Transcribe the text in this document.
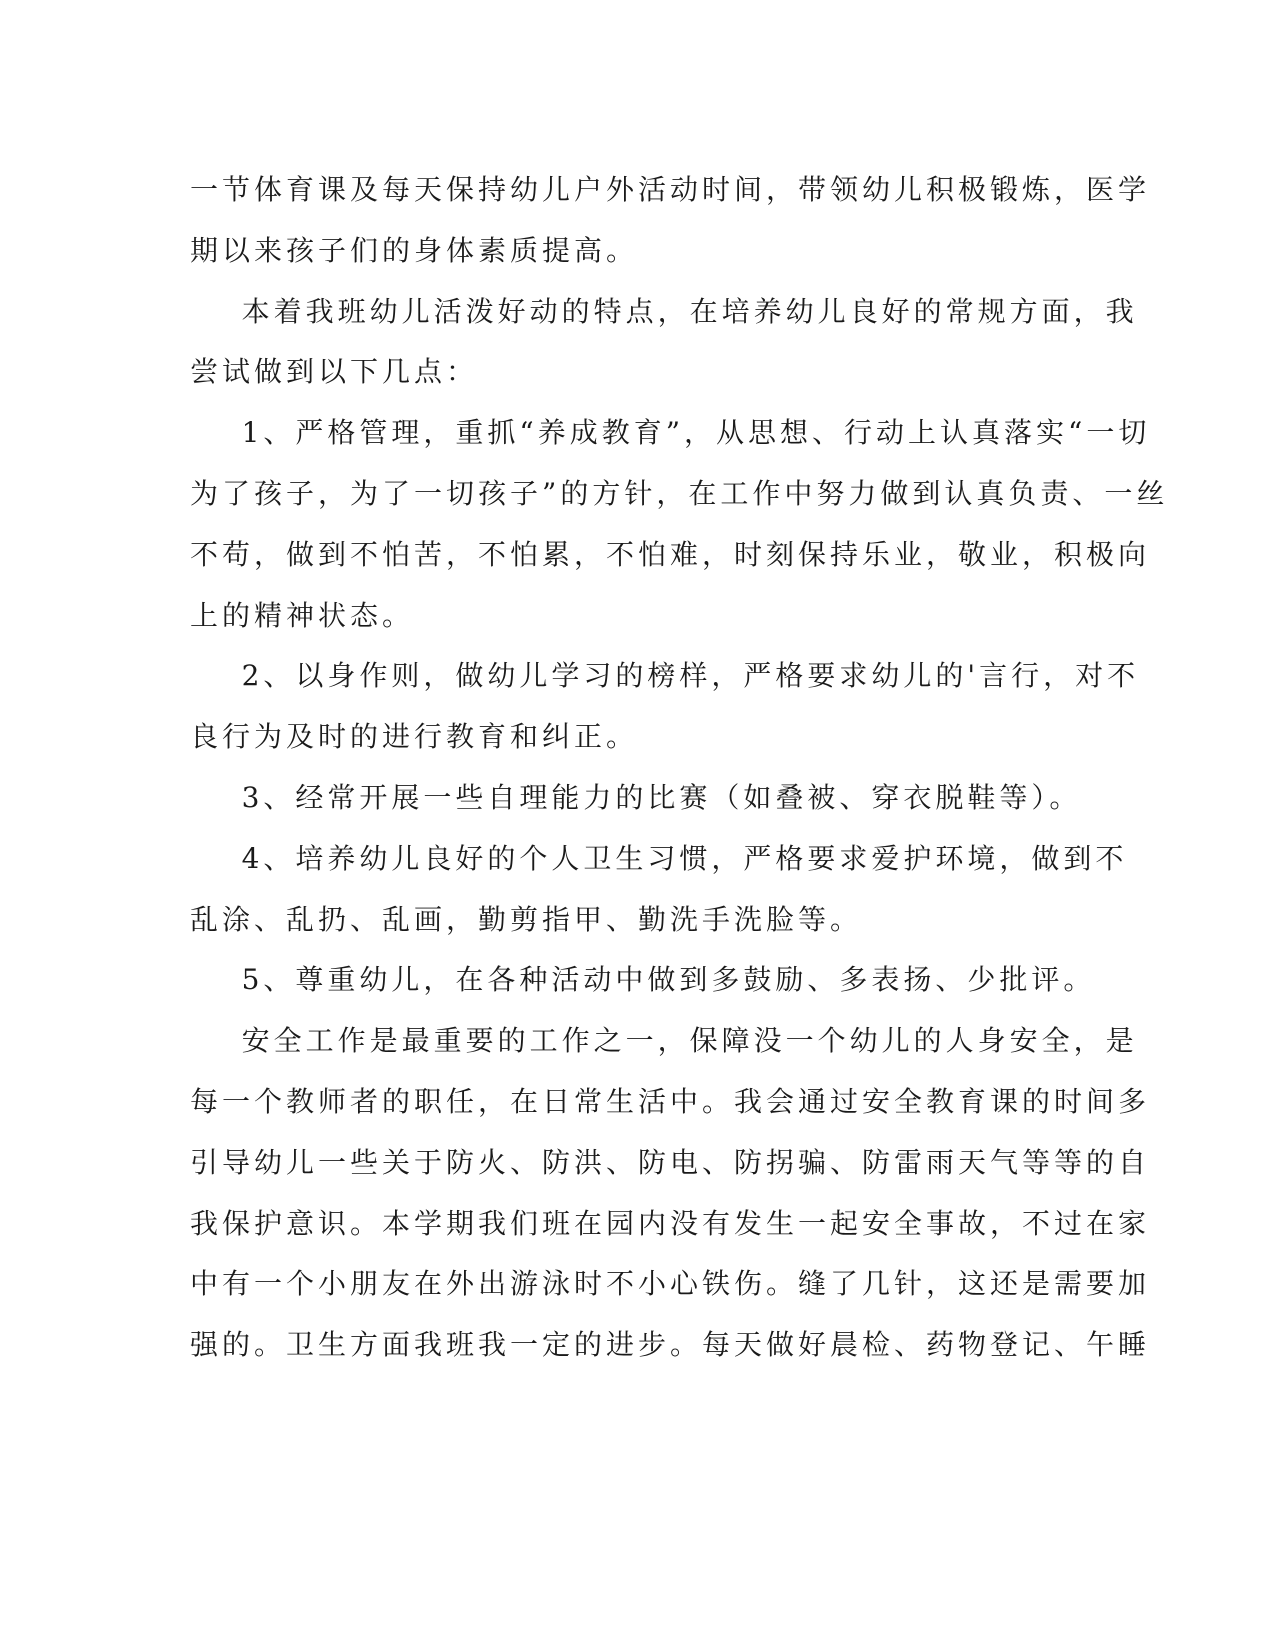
一节体育课及每天保持幼儿户外活动时间，带领幼儿积极锻炼，医学
期以来孩子们的身体素质提高。
本着我班幼儿活泼好动的特点，在培养幼儿良好的常规方面，我
尝试做到以下几点：
1、严格管理，重抓“养成教育”，从思想、行动上认真落实“一切
为了孩子，为了一切孩子”的方针，在工作中努力做到认真负责、一丝
不苟，做到不怕苦，不怕累，不怕难，时刻保持乐业，敬业，积极向
上的精神状态。
2、以身作则，做幼儿学习的榜样，严格要求幼儿的'言行，对不
良行为及时的进行教育和纠正。
3、经常开展一些自理能力的比赛（如叠被、穿衣脱鞋等）。
4、培养幼儿良好的个人卫生习惯，严格要求爱护环境，做到不
乱涂、乱扔、乱画，勤剪指甲、勤洗手洗脸等。
5、尊重幼儿，在各种活动中做到多鼓励、多表扬、少批评。
安全工作是最重要的工作之一，保障没一个幼儿的人身安全，是
每一个教师者的职任，在日常生活中。我会通过安全教育课的时间多
引导幼儿一些关于防火、防洪、防电、防拐骗、防雷雨天气等等的自
我保护意识。本学期我们班在园内没有发生一起安全事故，不过在家
中有一个小朋友在外出游泳时不小心铁伤。缝了几针，这还是需要加
强的。卫生方面我班我一定的进步。每天做好晨检、药物登记、午睡
